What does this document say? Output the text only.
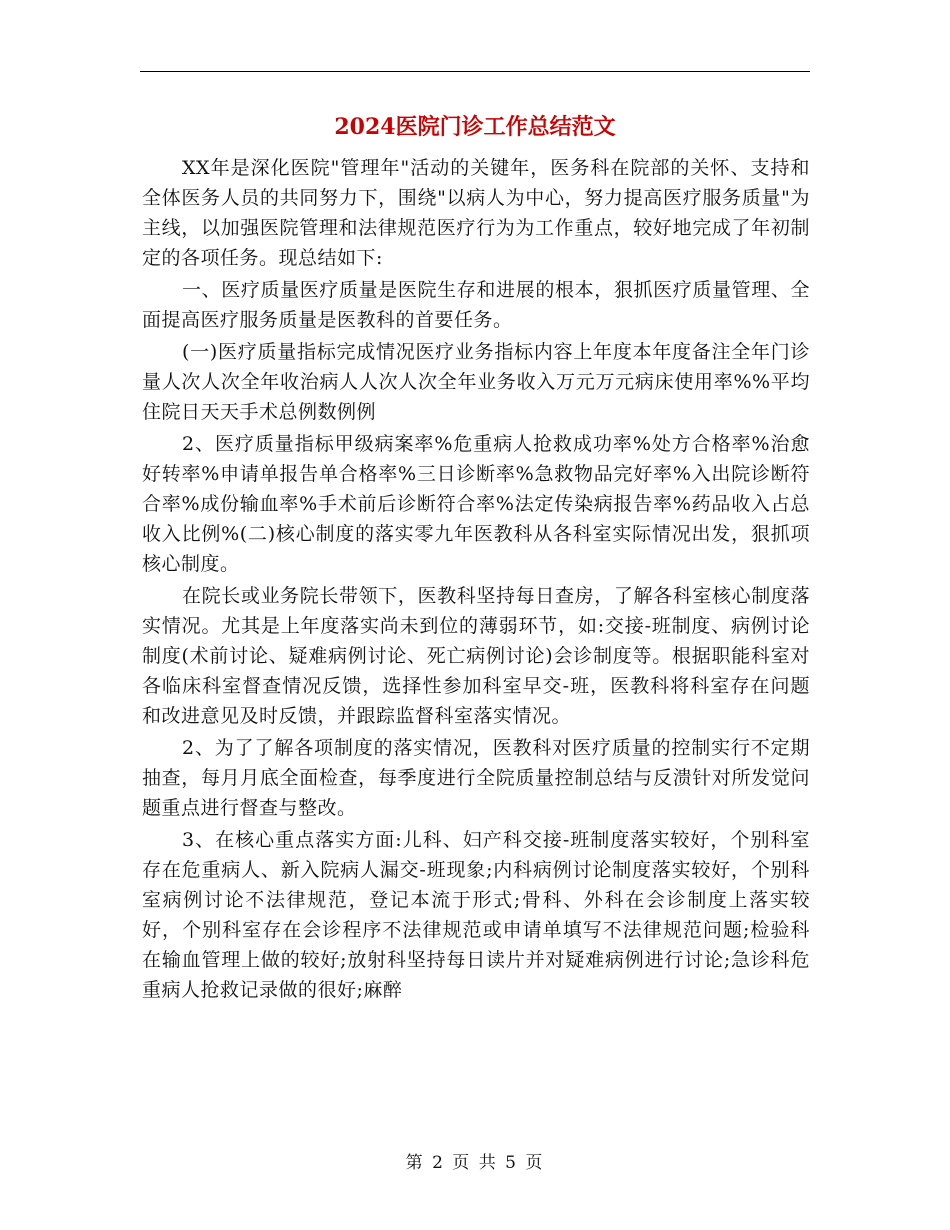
2024医院门诊工作总结范文

XX年是深化医院"管理年"活动的关键年，医务科在院部的关怀、支持和全体医务人员的共同努力下，围绕"以病人为中心，努力提高医疗服务质量"为主线，以加强医院管理和法律规范医疗行为为工作重点，较好地完成了年初制定的各项任务。现总结如下:

一、医疗质量医疗质量是医院生存和进展的根本，狠抓医疗质量管理、全面提高医疗服务质量是医教科的首要任务。

(一)医疗质量指标完成情况医疗业务指标内容上年度本年度备注全年门诊量人次人次全年收治病人人次人次全年业务收入万元万元病床使用率%%平均住院日天天手术总例数例例

2、医疗质量指标甲级病案率%危重病人抢救成功率%处方合格率%治愈好转率%申请单报告单合格率%三日诊断率%急救物品完好率%入出院诊断符合率%成份输血率%手术前后诊断符合率%法定传染病报告率%药品收入占总收入比例%(二)核心制度的落实零九年医教科从各科室实际情况出发，狠抓项核心制度。

在院长或业务院长带领下，医教科坚持每日查房，了解各科室核心制度落实情况。尤其是上年度落实尚未到位的薄弱环节，如:交接-班制度、病例讨论制度(术前讨论、疑难病例讨论、死亡病例讨论)会诊制度等。根据职能科室对各临床科室督查情况反馈，选择性参加科室早交-班，医教科将科室存在问题和改进意见及时反馈，并跟踪监督科室落实情况。

2、为了了解各项制度的落实情况，医教科对医疗质量的控制实行不定期抽查，每月月底全面检查，每季度进行全院质量控制总结与反溃针对所发觉问题重点进行督查与整改。

3、在核心重点落实方面:儿科、妇产科交接-班制度落实较好，个别科室存在危重病人、新入院病人漏交-班现象;内科病例讨论制度落实较好，个别科室病例讨论不法律规范，登记本流于形式;骨科、外科在会诊制度上落实较好，个别科室存在会诊程序不法律规范或申请单填写不法律规范问题;检验科在输血管理上做的较好;放射科坚持每日读片并对疑难病例进行讨论;急诊科危重病人抢救记录做的很好;麻醉

第 2 页 共 5 页
